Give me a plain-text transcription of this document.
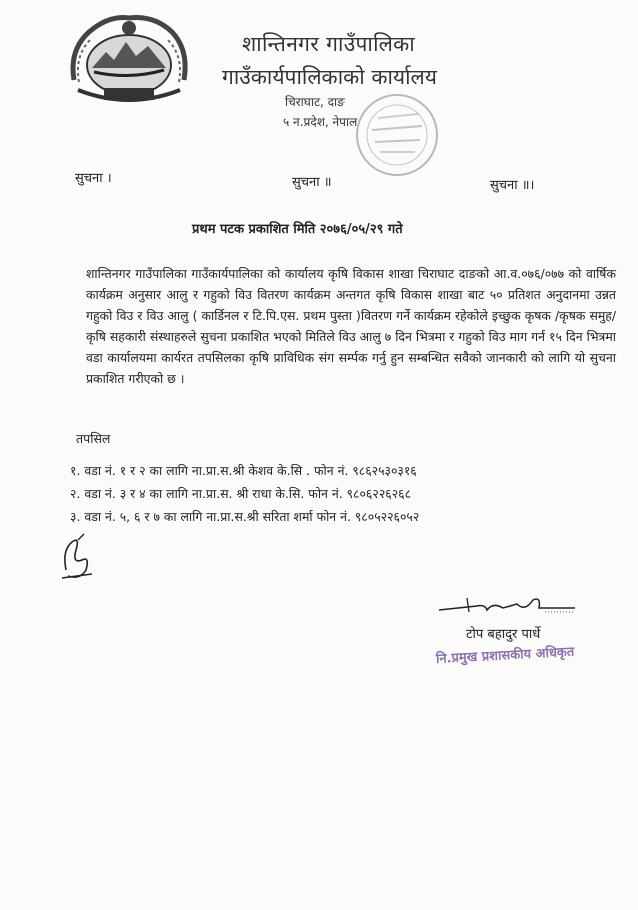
शान्तिनगर गाउँपालिका
गाउँकार्यपालिकाको कार्यालय
चिराघाट, दाङ
५ न.प्रदेश, नेपाल
सुचना ।	सुचना ॥	सुचना ॥।
प्रथम पटक प्रकाशित मिति २०७६/०५/२९ गते

शान्तिनगर गाउँपालिका गाउँकार्यपालिका को कार्यालय कृषि विकास शाखा चिराघाट दाङको आ.व.०७६/०७७ को वार्षिक कार्यक्रम अनुसार आलु र गहुको विउ वितरण कार्यक्रम अन्तगत कृषि विकास शाखा बाट ५० प्रतिशत अनुदानमा उन्नत गहुको विउ र विउ आलु ( कार्डिनल र टि.पि.एस. प्रथम पुस्ता )वितरण गर्ने कार्यक्रम रहेकोले इच्छुक कृषक /कृषक समुह/कृषि सहकारी संस्थाहरुले सुचना प्रकाशित भएको मितिले विउ आलु ७ दिन भित्रमा र गहुको विउ माग गर्न १५ दिन भित्रमा वडा कार्यालयमा कार्यरत तपसिलका कृषि प्राविधिक संग सर्म्पक गर्नु हुन सम्बन्धित सवैको जानकारी को लागि यो सुचना प्रकाशित गरीएको छ ।

तपसिल
१. वडा नं. १ र २ का लागि ना.प्रा.स.श्री केशव के.सि . फोन नं. ९८६२५३०३१६
२. वडा नं. ३ र ४ का लागि ना.प्रा.स. श्री राधा के.सि. फोन नं. ९८०६२२६२६८
३. वडा नं. ५, ६ र ७ का लागि ना.प्रा.स.श्री सरिता शर्मा फोन नं. ९८०५२२६०५२
टोप बहादुर पार्धे
नि.प्रमुख प्रशासकीय अधिकृत
